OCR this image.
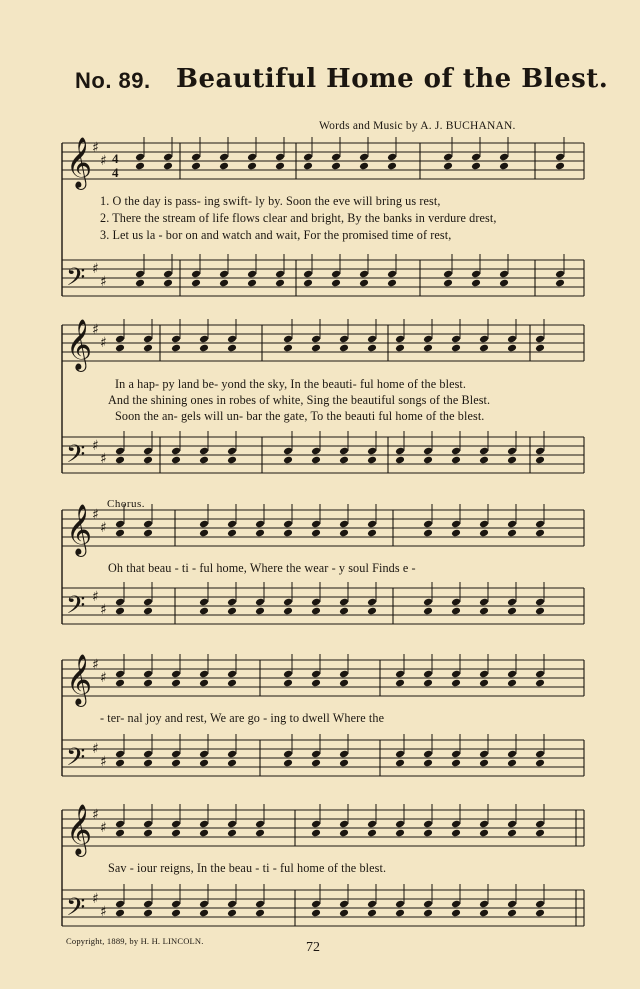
No. 89. Beautiful Home of the Blest.
Words and Music by A. J. BUCHANAN.
𝄞 ♯
♯
𝄢 ♯
♯
𝄞 ♯
♯
𝄢 ♯
♯
𝄞 ♯
♯
𝄢 ♯
♯
𝄞 ♯
♯
𝄢 ♯
♯
𝄞 ♯
♯
𝄢 ♯
♯
4
4
1. O the day is pass- ing swift- ly by. Soon the eve will bring us rest,
2. There the stream of life flows clear and bright, By the banks in verdure drest,
3. Let us la - bor on and watch and wait, For the promised time of rest,
In a hap- py land be- yond the sky, In the beauti- ful home of the blest.
And the shining ones in robes of white, Sing the beautiful songs of the Blest.
Soon the an- gels will un- bar the gate, To the beauti ful home of the blest.
Chorus.
Oh that beau - ti - ful home, Where the wear - y soul Finds e -
- ter- nal joy and rest, We are go - ing to dwell Where the
Sav - iour reigns, In the beau - ti - ful home of the blest.
Copyright, 1889, by H. H. LINCOLN.	72
